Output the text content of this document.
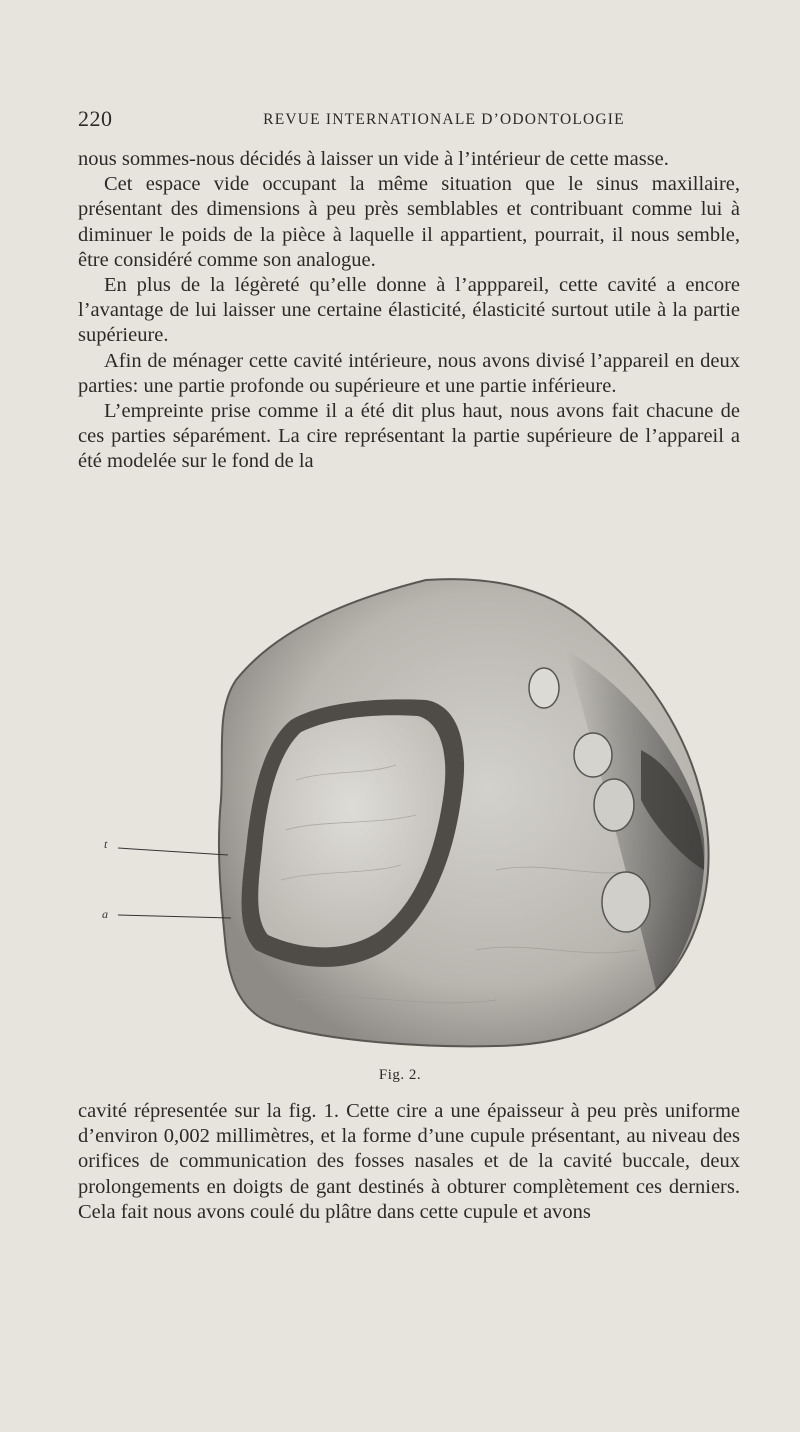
220	REVUE INTERNATIONALE D’ODONTOLOGIE

nous sommes-nous décidés à laisser un vide à l’intérieur de cette masse.

Cet espace vide occupant la même situation que le sinus maxillaire, présentant des dimensions à peu près semblables et contribuant comme lui à diminuer le poids de la pièce à laquelle il appartient, pourrait, il nous semble, être considéré comme son analogue.

En plus de la légèreté qu’elle donne à l’apppareil, cette cavité a encore l’avantage de lui laisser une certaine élasticité, élasticité surtout utile à la partie supérieure.

Afin de ménager cette cavité intérieure, nous avons divisé l’appareil en deux parties: une partie profonde ou supérieure et une partie inférieure.

L’empreinte prise comme il a été dit plus haut, nous avons fait chacune de ces parties séparément. La cire représentant la partie supérieure de l’appareil a été modelée sur le fond de la

t
a
Fig. 2.

cavité répresentée sur la fig. 1. Cette cire a une épaisseur à peu près uniforme d’environ 0,002 millimètres, et la forme d’une cupule présentant, au niveau des orifices de communication des fosses nasales et de la cavité buccale, deux prolongements en doigts de gant destinés à obturer complètement ces derniers. Cela fait nous avons coulé du plâtre dans cette cupule et avons
